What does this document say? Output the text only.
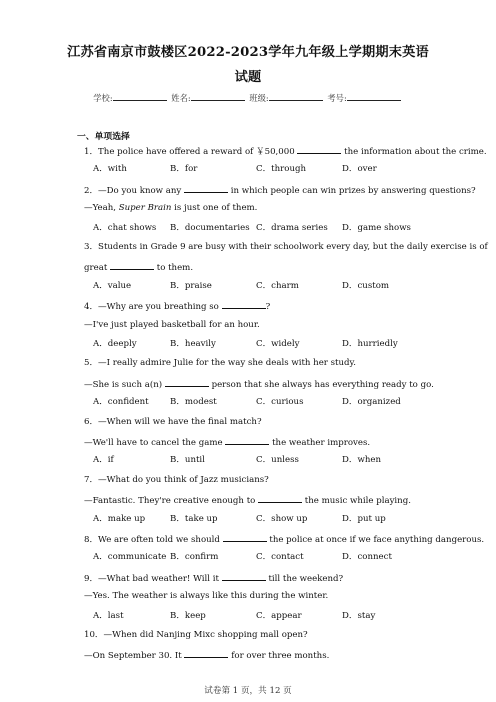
江苏省南京市鼓楼区2022-2023学年九年级上学期期末英语
试题
学校:	姓名:	班级:	考号:
一、单项选择
1．The police have offered a reward of ￥50,000	the information about the crime.
A．with	B．for	C．through	D．over
2．—Do you know any	in which people can win prizes by answering questions?
—Yeah, Super Brain is just one of them.
A．chat shows B．documentaries C．drama series D．game shows
3．Students in Grade 9 are busy with their schoolwork every day, but the daily exercise is of
great	to them.
A．value	B．praise	C．charm	D．custom
4．—Why are you breathing so	?
—I've just played basketball for an hour.
A．deeply	B．heavily	C．widely	D．hurriedly
5．—I really admire Julie for the way she deals with her study.
—She is such a(n)	person that she always has everything ready to go.
A．confident B．modest	C．curious	D．organized
6．—When will we have the final match?
—We'll have to cancel the game	the weather improves.
A．if	B．until	C．unless	D．when
7．—What do you think of Jazz musicians?
—Fantastic. They're creative enough to	the music while playing.
A．make up	B．take up	C．show up	D．put up
8．We are often told we should	the police at once if we face anything dangerous.
A．communicate B．confirm	C．contact	D．connect
9．—What bad weather! Will it	till the weekend?
—Yes. The weather is always like this during the winter.
A．last	B．keep	C．appear	D．stay
10．—When did Nanjing Mixc shopping mall open?
—On September 30. It	for over three months.
试卷第 1 页，共 12 页
